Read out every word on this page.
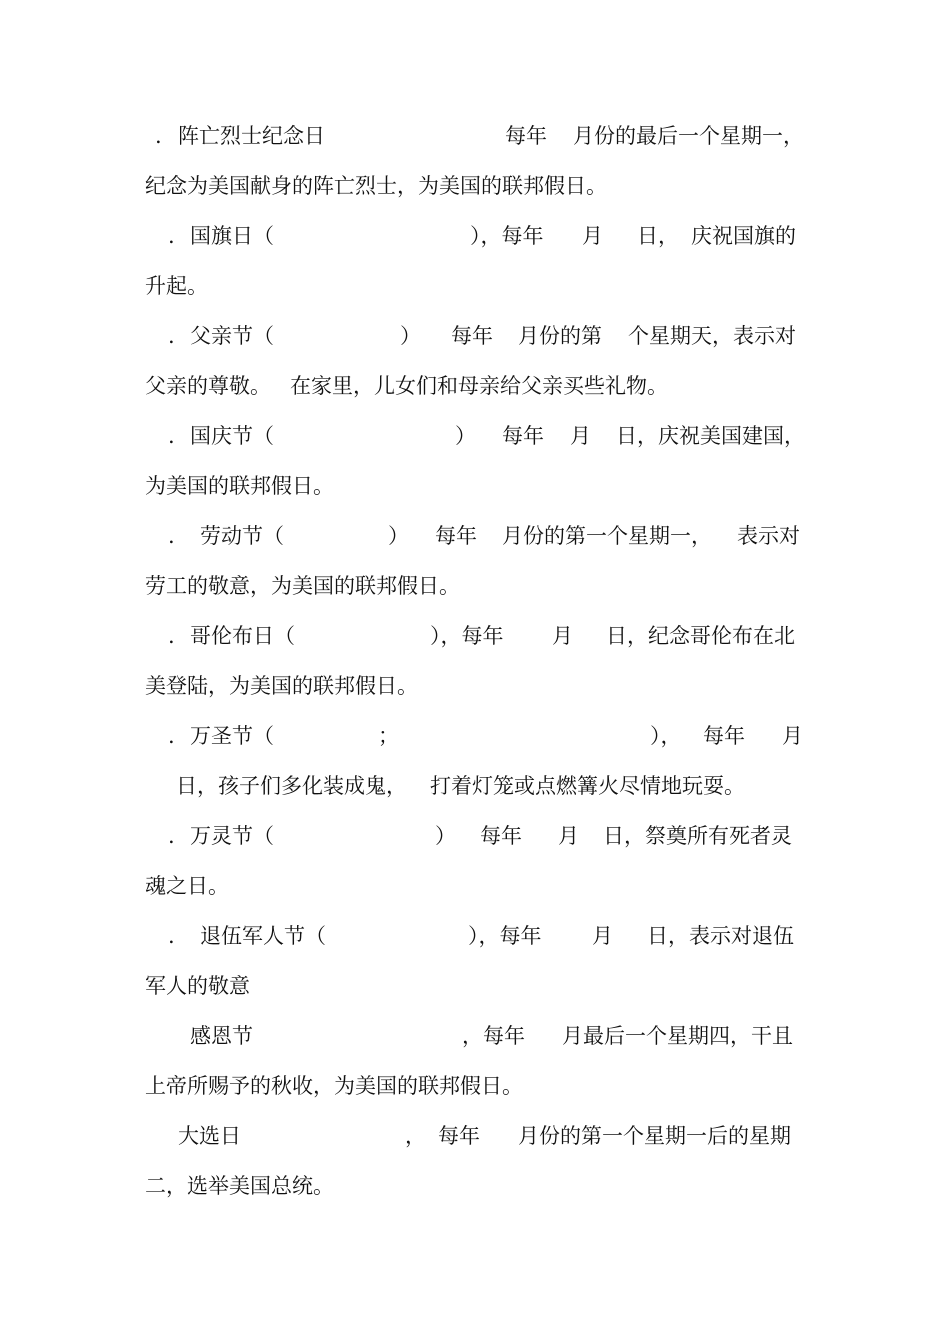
. 阵亡烈士纪念日	每年 月份的最后一个星期一，
纪念为美国献身的阵亡烈士，为美国的联邦假日。
. 国旗日（	），每年 月 日， 庆祝国旗的
升起。
. 父亲节（	） 每年 月份的第 个星期天，表示对
父亲的尊敬。 在家里，儿女们和母亲给父亲买些礼物。
. 国庆节（	） 每年 月 日，庆祝美国建国，
为美国的联邦假日。
. 劳动节（	） 每年 月份的第一个星期一， 表示对
劳工的敬意，为美国的联邦假日。
. 哥伦布日（	），每年 月 日，纪念哥伦布在北
美登陆，为美国的联邦假日。
. 万圣节（	；	）， 每年 月
日，孩子们多化装成鬼， 打着灯笼或点燃篝火尽情地玩耍。
. 万灵节（	） 每年 月 日，祭奠所有死者灵
魂之日。
. 退伍军人节（	），每年 月 日，表示对退伍
军人的敬意
感恩节	，每年 月最后一个星期四，干且
上帝所赐予的秋收，为美国的联邦假日。
大选日	， 每年 月份的第一个星期一后的星期
二，选举美国总统。
